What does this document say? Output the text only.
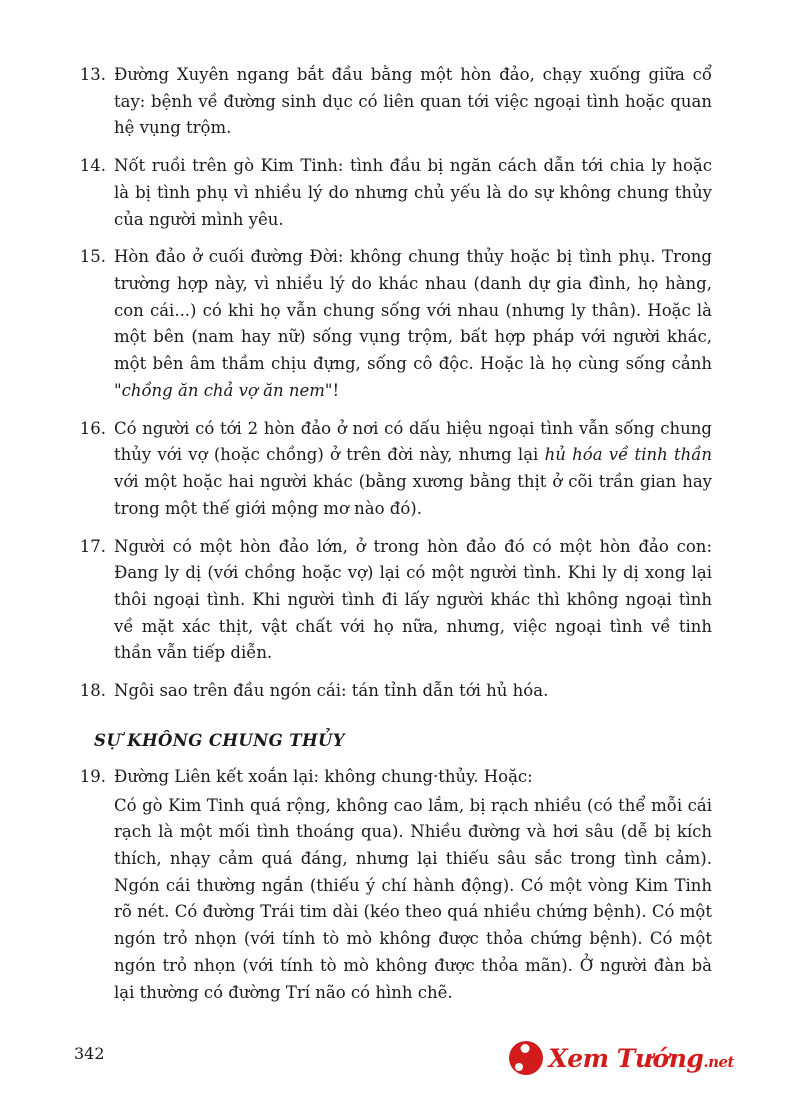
13. Đường Xuyên ngang bắt đầu bằng một hòn đảo, chạy xuống giữa cổ tay: bệnh về đường sinh dục có liên quan tới việc ngoại tình hoặc quan hệ vụng trộm.
14. Nốt ruồi trên gò Kim Tinh: tình đầu bị ngăn cách dẫn tới chia ly hoặc là bị tình phụ vì nhiều lý do nhưng chủ yếu là do sự không chung thủy của người mình yêu.
15. Hòn đảo ở cuối đường Đời: không chung thủy hoặc bị tình phụ. Trong trường hợp này, vì nhiều lý do khác nhau (danh dự gia đình, họ hàng, con cái...) có khi họ vẫn chung sống với nhau (nhưng ly thân). Hoặc là một bên (nam hay nữ) sống vụng trộm, bất hợp pháp với người khác, một bên âm thầm chịu đựng, sống cô độc. Hoặc là họ cùng sống cảnh "chồng ăn chả vợ ăn nem"!
16. Có người có tới 2 hòn đảo ở nơi có dấu hiệu ngoại tình vẫn sống chung thủy với vợ (hoặc chồng) ở trên đời này, nhưng lại hủ hóa về tinh thần với một hoặc hai người khác (bằng xương bằng thịt ở cõi trần gian hay trong một thế giới mộng mơ nào đó).
17. Người có một hòn đảo lớn, ở trong hòn đảo đó có một hòn đảo con: Đang ly dị (với chồng hoặc vợ) lại có một người tình. Khi ly dị xong lại thôi ngoại tình. Khi người tình đi lấy người khác thì không ngoại tình về mặt xác thịt, vật chất với họ nữa, nhưng, việc ngoại tình về tinh thần vẫn tiếp diễn.
18. Ngôi sao trên đầu ngón cái: tán tỉnh dẫn tới hủ hóa.
SỰ KHÔNG CHUNG THỦY
19. Đường Liên kết xoắn lại: không chung·thủy. Hoặc:
Có gò Kim Tinh quá rộng, không cao lắm, bị rạch nhiều (có thể mỗi cái rạch là một mối tình thoáng qua). Nhiều đường và hơi sâu (dễ bị kích thích, nhạy cảm quá đáng, nhưng lại thiếu sâu sắc trong tình cảm). Ngón cái thường ngắn (thiếu ý chí hành động). Có một vòng Kim Tinh rõ nét. Có đường Trái tim dài (kéo theo quá nhiều chứng bệnh). Có một ngón trỏ nhọn (với tính tò mò không được thỏa chứng bệnh). Có một ngón trỏ nhọn (với tính tò mò không được thỏa mãn). Ở người đàn bà lại thường có đường Trí não có hình chẽ.
342	Xem Tướng.net
